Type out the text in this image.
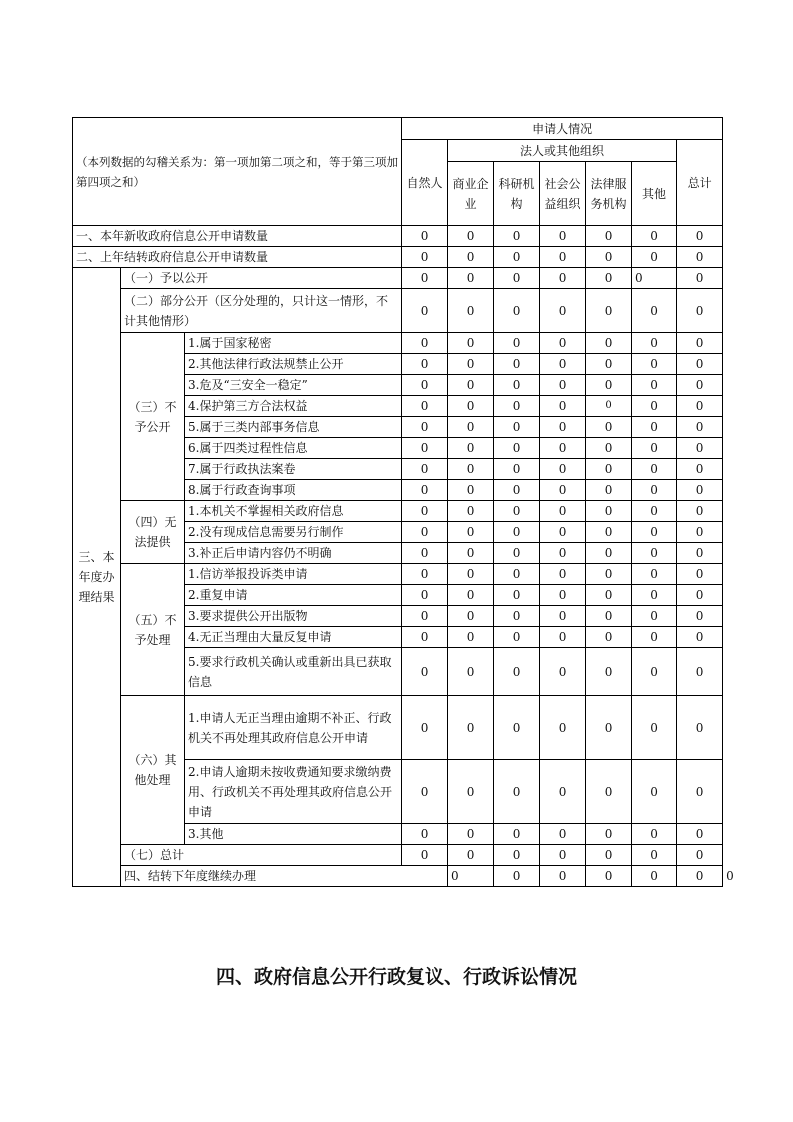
（本列数据的勾稽关系为：第一项加第二项之和，等于第三项加第四项之和）			申请人情况							
			自然人	法人或其他组织					总计	
				商业企业	科研机构	社会公益组织	法律服务机构	其他		
一、本年新收政府信息公开申请数量			0	0	0	0	0	0	0	
二、上年结转政府信息公开申请数量			0	0	0	0	0	0	0	
三、本年度办理结果	（一）予以公开		0	0	0	0	0	0	0	
	（二）部分公开（区分处理的，只计这一情形，不计其他情形）		0	0	0	0	0	0	0	
	（三）不予公开	1.属于国家秘密	0	0	0	0	0	0	0	
		2.其他法律行政法规禁止公开	0	0	0	0	0	0	0	
		3.危及“三安全一稳定”	0	0	0	0	0	0	0	
		4.保护第三方合法权益	0	0	0	0	0	0	0	
		5.属于三类内部事务信息	0	0	0	0	0	0	0	
		6.属于四类过程性信息	0	0	0	0	0	0	0	
		7.属于行政执法案卷	0	0	0	0	0	0	0	
		8.属于行政查询事项	0	0	0	0	0	0	0	
	（四）无法提供	1.本机关不掌握相关政府信息	0	0	0	0	0	0	0	
		2.没有现成信息需要另行制作	0	0	0	0	0	0	0	
		3.补正后申请内容仍不明确	0	0	0	0	0	0	0	
	（五）不予处理	1.信访举报投诉类申请	0	0	0	0	0	0	0	
		2.重复申请	0	0	0	0	0	0	0	
		3.要求提供公开出版物	0	0	0	0	0	0	0	
		4.无正当理由大量反复申请	0	0	0	0	0	0	0	
		5.要求行政机关确认或重新出具已获取信息	0	0	0	0	0	0	0	
	（六）其他处理	1.申请人无正当理由逾期不补正、行政机关不再处理其政府信息公开申请	0	0	0	0	0	0	0	
		2.申请人逾期未按收费通知要求缴纳费用、行政机关不再处理其政府信息公开申请	0	0	0	0	0	0	0	
		3.其他	0	0	0	0	0	0	0	
	（七）总计		0	0	0	0	0	0	0	
	四、结转下年度继续办理			0	0	0	0	0	0	0
四、政府信息公开行政复议、行政诉讼情况
